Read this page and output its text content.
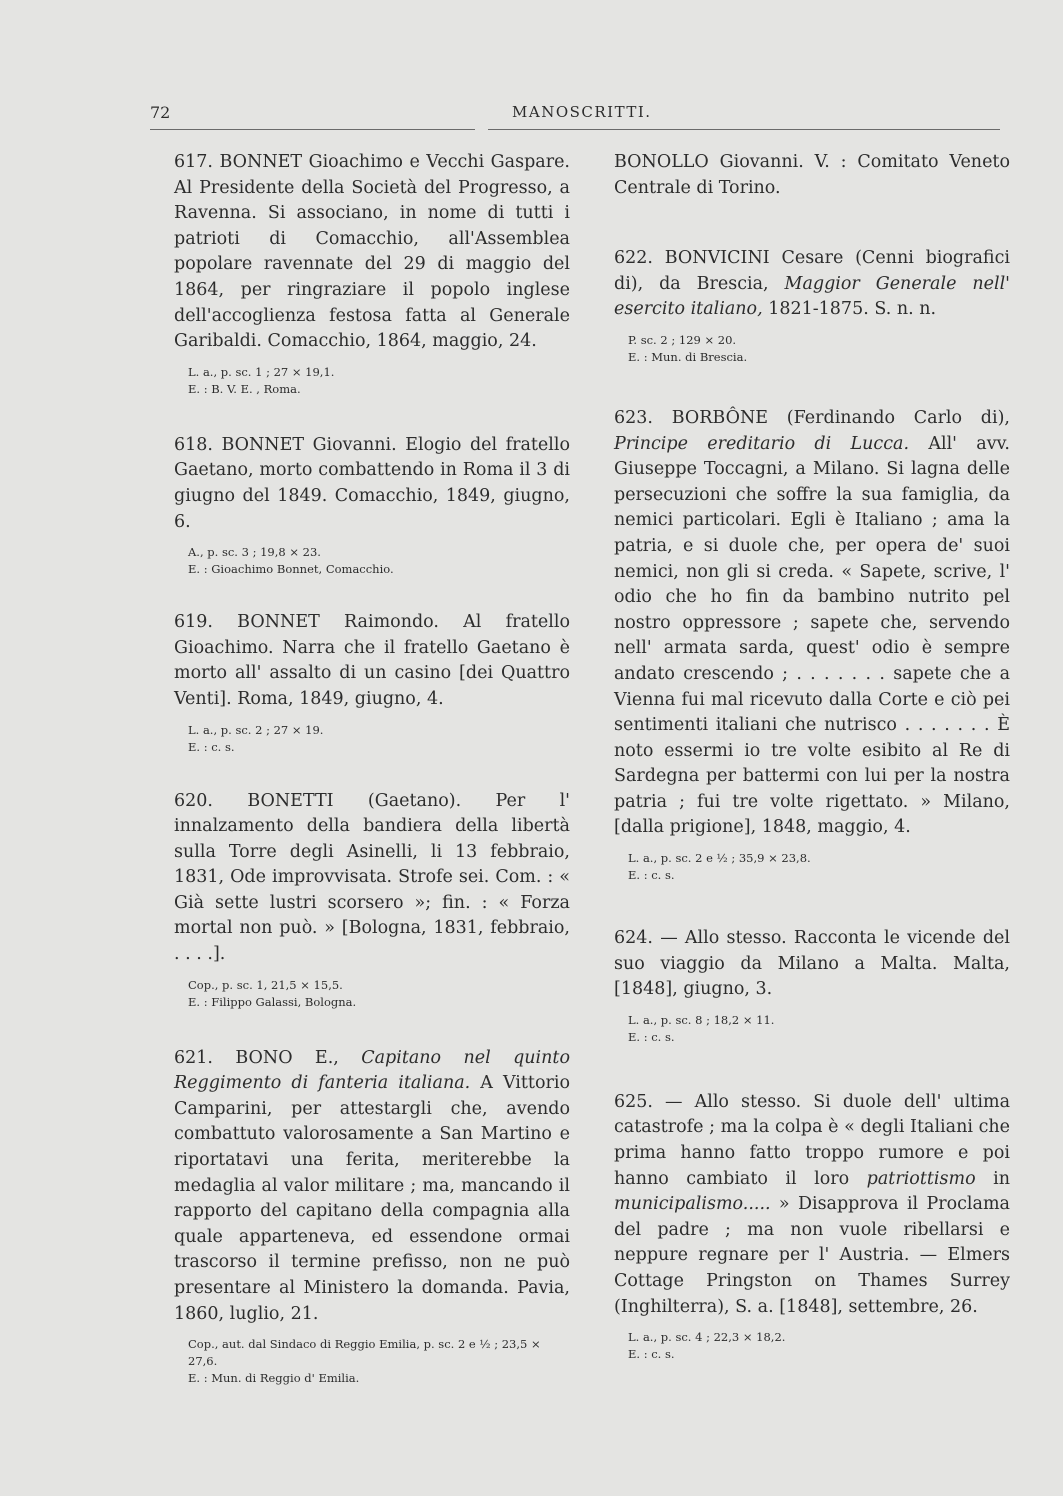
72	MANOSCRITTI.

617. BONNET Gioachimo e Vecchi Gaspare. Al Presidente della Società del Progresso, a Ravenna. Si associano, in nome di tutti i patrioti di Comacchio, all'Assemblea popolare ravennate del 29 di maggio del 1864, per ringraziare il popolo inglese dell'accoglienza festosa fatta al Generale Garibaldi. Comacchio, 1864, maggio, 24.

L. a., p. sc. 1 ; 27 × 19,1.
E. : B. V. E. , Roma.

618. BONNET Giovanni. Elogio del fratello Gaetano, morto combattendo in Roma il 3 di giugno del 1849. Comacchio, 1849, giugno, 6.

A., p. sc. 3 ; 19,8 × 23.
E. : Gioachimo Bonnet, Comacchio.

619. BONNET Raimondo. Al fratello Gioachimo. Narra che il fratello Gaetano è morto all' assalto di un casino [dei Quattro Venti]. Roma, 1849, giugno, 4.

L. a., p. sc. 2 ; 27 × 19.
E. : c. s.

620. BONETTI (Gaetano). Per l' innalzamento della bandiera della libertà sulla Torre degli Asinelli, li 13 febbraio, 1831, Ode improvvisata. Strofe sei. Com. : « Già sette lustri scorsero »; fin. : « Forza mortal non può. » [Bologna, 1831, febbraio, . . . .].

Cop., p. sc. 1, 21,5 × 15,5.
E. : Filippo Galassi, Bologna.

621. BONO E., Capitano nel quinto Reggimento di fanteria italiana. A Vittorio Camparini, per attestargli che, avendo combattuto valorosamente a San Martino e riportatavi una ferita, meriterebbe la medaglia al valor militare ; ma, mancando il rapporto del capitano della compagnia alla quale apparteneva, ed essendone ormai trascorso il termine prefisso, non ne può presentare al Ministero la domanda. Pavia, 1860, luglio, 21.

Cop., aut. dal Sindaco di Reggio Emilia, p. sc. 2 e ½ ; 23,5 × 27,6.
E. : Mun. di Reggio d' Emilia.

BONOLLO Giovanni. V. : Comitato Veneto Centrale di Torino.

622. BONVICINI Cesare (Cenni biografici di), da Brescia, Maggior Generale nell' esercito italiano, 1821-1875. S. n. n.

P. sc. 2 ; 129 × 20.
E. : Mun. di Brescia.

623. BORBÔNE (Ferdinando Carlo di), Principe ereditario di Lucca. All' avv. Giuseppe Toccagni, a Milano. Si lagna delle persecuzioni che soffre la sua famiglia, da nemici particolari. Egli è Italiano ; ama la patria, e si duole che, per opera de' suoi nemici, non gli si creda. « Sapete, scrive, l' odio che ho fin da bambino nutrito pel nostro oppressore ; sapete che, servendo nell' armata sarda, quest' odio è sempre andato crescendo ; . . . . . . . sapete che a Vienna fui mal ricevuto dalla Corte e ciò pei sentimenti italiani che nutrisco . . . . . . . È noto essermi io tre volte esibito al Re di Sardegna per battermi con lui per la nostra patria ; fui tre volte rigettato. » Milano, [dalla prigione], 1848, maggio, 4.

L. a., p. sc. 2 e ½ ; 35,9 × 23,8.
E. : c. s.

624. — Allo stesso. Racconta le vicende del suo viaggio da Milano a Malta. Malta, [1848], giugno, 3.

L. a., p. sc. 8 ; 18,2 × 11.
E. : c. s.

625. — Allo stesso. Si duole dell' ultima catastrofe ; ma la colpa è « degli Italiani che prima hanno fatto troppo rumore e poi hanno cambiato il loro patriottismo in municipalismo..... » Disapprova il Proclama del padre ; ma non vuole ribellarsi e neppure regnare per l' Austria. — Elmers Cottage Pringston on Thames Surrey (Inghilterra), S. a. [1848], settembre, 26.

L. a., p. sc. 4 ; 22,3 × 18,2.
E. : c. s.
